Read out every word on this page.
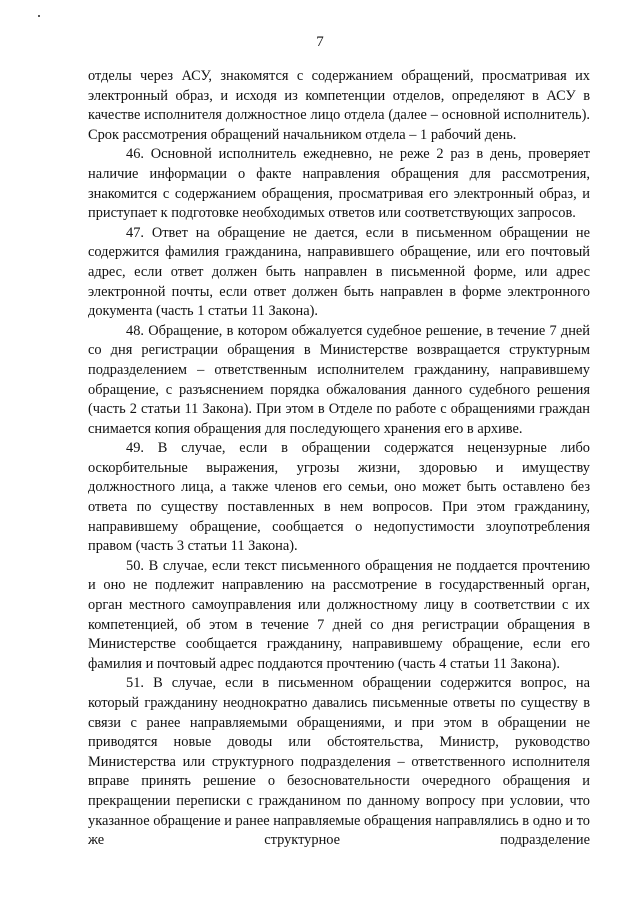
7

отделы через АСУ, знакомятся с содержанием обращений, просматривая их электронный образ, и исходя из компетенции отделов, определяют в АСУ в качестве исполнителя должностное лицо отдела (далее – основной исполнитель). Срок рассмотрения обращений начальником отдела – 1 рабочий день.

46. Основной исполнитель ежедневно, не реже 2 раз в день, проверяет наличие информации о факте направления обращения для рассмотрения, знакомится с содержанием обращения, просматривая его электронный образ, и приступает к подготовке необходимых ответов или соответствующих запросов.

47. Ответ на обращение не дается, если в письменном обращении не содержится фамилия гражданина, направившего обращение, или его почтовый адрес, если ответ должен быть направлен в письменной форме, или адрес электронной почты, если ответ должен быть направлен в форме электронного документа (часть 1 статьи 11 Закона).

48. Обращение, в котором обжалуется судебное решение, в течение 7 дней со дня регистрации обращения в Министерстве возвращается структурным подразделением – ответственным исполнителем гражданину, направившему обращение, с разъяснением порядка обжалования данного судебного решения (часть 2 статьи 11 Закона). При этом в Отделе по работе с обращениями граждан снимается копия обращения для последующего хранения его в архиве.

49. В случае, если в обращении содержатся нецензурные либо оскорбительные выражения, угрозы жизни, здоровью и имуществу должностного лица, а также членов его семьи, оно может быть оставлено без ответа по существу поставленных в нем вопросов. При этом гражданину, направившему обращение, сообщается о недопустимости злоупотребления правом (часть 3 статьи 11 Закона).

50. В случае, если текст письменного обращения не поддается прочтению и оно не подлежит направлению на рассмотрение в государственный орган, орган местного самоуправления или должностному лицу в соответствии с их компетенцией, об этом в течение 7 дней со дня регистрации обращения в Министерстве сообщается гражданину, направившему обращение, если его фамилия и почтовый адрес поддаются прочтению (часть 4 статьи 11 Закона).

51. В случае, если в письменном обращении содержится вопрос, на который гражданину неоднократно давались письменные ответы по существу в связи с ранее направляемыми обращениями, и при этом в обращении не приводятся новые доводы или обстоятельства, Министр, руководство Министерства или структурного подразделения – ответственного исполнителя вправе принять решение о безосновательности очередного обращения и прекращении переписки с гражданином по данному вопросу при условии, что указанное обращение и ранее направляемые обращения направлялись в одно и то же структурное подразделение
